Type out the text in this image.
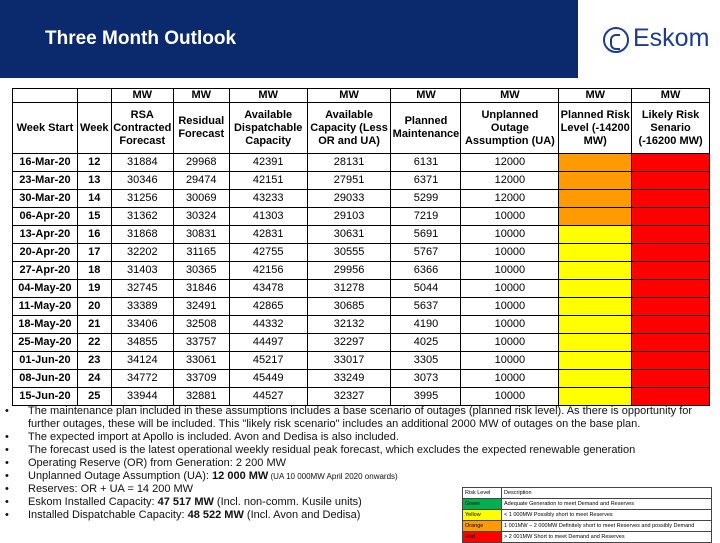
Three Month Outlook	Eskom
		MW	MW	MW	MW	MW	MW	MW	MW
Week Start	Week	RSA Contracted Forecast	Residual Forecast	Available Dispatchable Capacity	Available Capacity (Less OR and UA)	Planned Maintenance	Unplanned Outage Assumption (UA)	Planned Risk Level (-14200 MW)	Likely Risk Senario (-16200 MW)
16-Mar-20	12	31884	29968	42391	28131	6131	12000		
23-Mar-20	13	30346	29474	42151	27951	6371	12000		
30-Mar-20	14	31256	30069	43233	29033	5299	12000		
06-Apr-20	15	31362	30324	41303	29103	7219	10000		
13-Apr-20	16	31868	30831	42831	30631	5691	10000		
20-Apr-20	17	32202	31165	42755	30555	5767	10000		
27-Apr-20	18	31403	30365	42156	29956	6366	10000		
04-May-20	19	32745	31846	43478	31278	5044	10000		
11-May-20	20	33389	32491	42865	30685	5637	10000		
18-May-20	21	33406	32508	44332	32132	4190	10000		
25-May-20	22	34855	33757	44497	32297	4025	10000		
01-Jun-20	23	34124	33061	45217	33017	3305	10000		
08-Jun-20	24	34772	33709	45449	33249	3073	10000		
15-Jun-20	25	33944	32881	44527	32327	3995	10000		
• The maintenance plan included in these assumptions includes a base scenario of outages (planned risk level). As there is opportunity for further outages, these will be included. This "likely risk scenario" includes an additional 2000 MW of outages on the base plan.
• The expected import at Apollo is included. Avon and Dedisa is also included.
• The forecast used is the latest operational weekly residual peak forecast, which excludes the expected renewable generation
• Operating Reserve (OR) from Generation: 2 200 MW
• Unplanned Outage Assumption (UA): 12 000 MW (UA 10 000MW April 2020 onwards)
• Reserves: OR + UA = 14 200 MW
• Eskom Installed Capacity: 47 517 MW (Incl. non-comm. Kusile units)
• Installed Dispatchable Capacity: 48 522 MW (Incl. Avon and Dedisa)
Risk Level	Description
Green	Adequate Generation to meet Demand and Reserves
Yellow	< 1 000MW Possibly short to meet Reserves
Orange	1 001MW − 2 000MW Definitely short to meet Reserves and possibly Demand
Red	> 2 001MW Short to meet Demand and Reserves
